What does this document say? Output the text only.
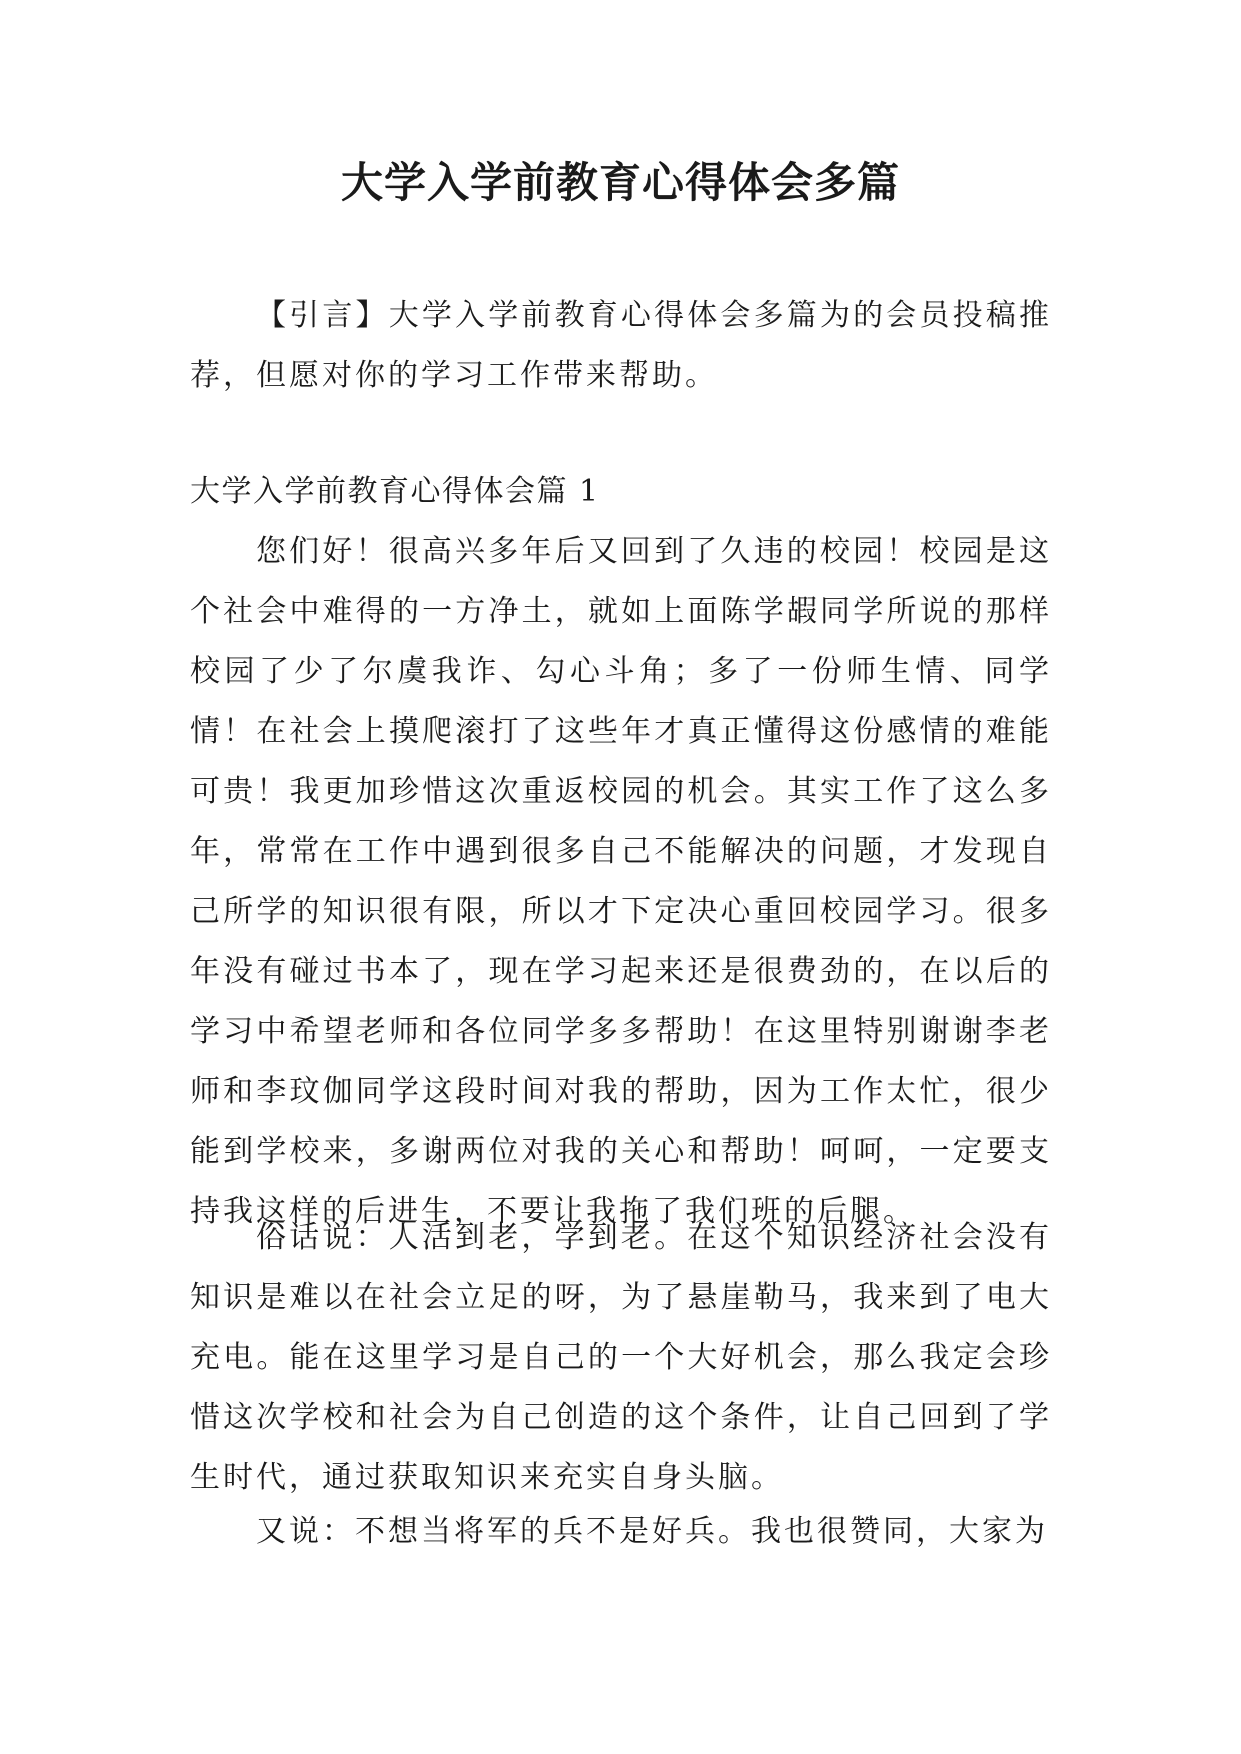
大学入学前教育心得体会多篇

【引言】大学入学前教育心得体会多篇为的会员投稿推荐，但愿对你的学习工作带来帮助。

大学入学前教育心得体会篇 1

您们好！很高兴多年后又回到了久违的校园！校园是这个社会中难得的一方净土，就如上面陈学嘏同学所说的那样校园了少了尔虞我诈、勾心斗角；多了一份师生情、同学情！在社会上摸爬滚打了这些年才真正懂得这份感情的难能可贵！我更加珍惜这次重返校园的机会。其实工作了这么多年，常常在工作中遇到很多自己不能解决的问题，才发现自己所学的知识很有限，所以才下定决心重回校园学习。很多年没有碰过书本了，现在学习起来还是很费劲的，在以后的学习中希望老师和各位同学多多帮助！在这里特别谢谢李老师和李玟伽同学这段时间对我的帮助，因为工作太忙，很少能到学校来，多谢两位对我的关心和帮助！呵呵，一定要支持我这样的后进生，不要让我拖了我们班的后腿。

俗话说：人活到老，学到老。在这个知识经济社会没有知识是难以在社会立足的呀，为了悬崖勒马，我来到了电大充电。能在这里学习是自己的一个大好机会，那么我定会珍惜这次学校和社会为自己创造的这个条件，让自己回到了学生时代，通过获取知识来充实自身头脑。

又说：不想当将军的兵不是好兵。我也很赞同，大家为
